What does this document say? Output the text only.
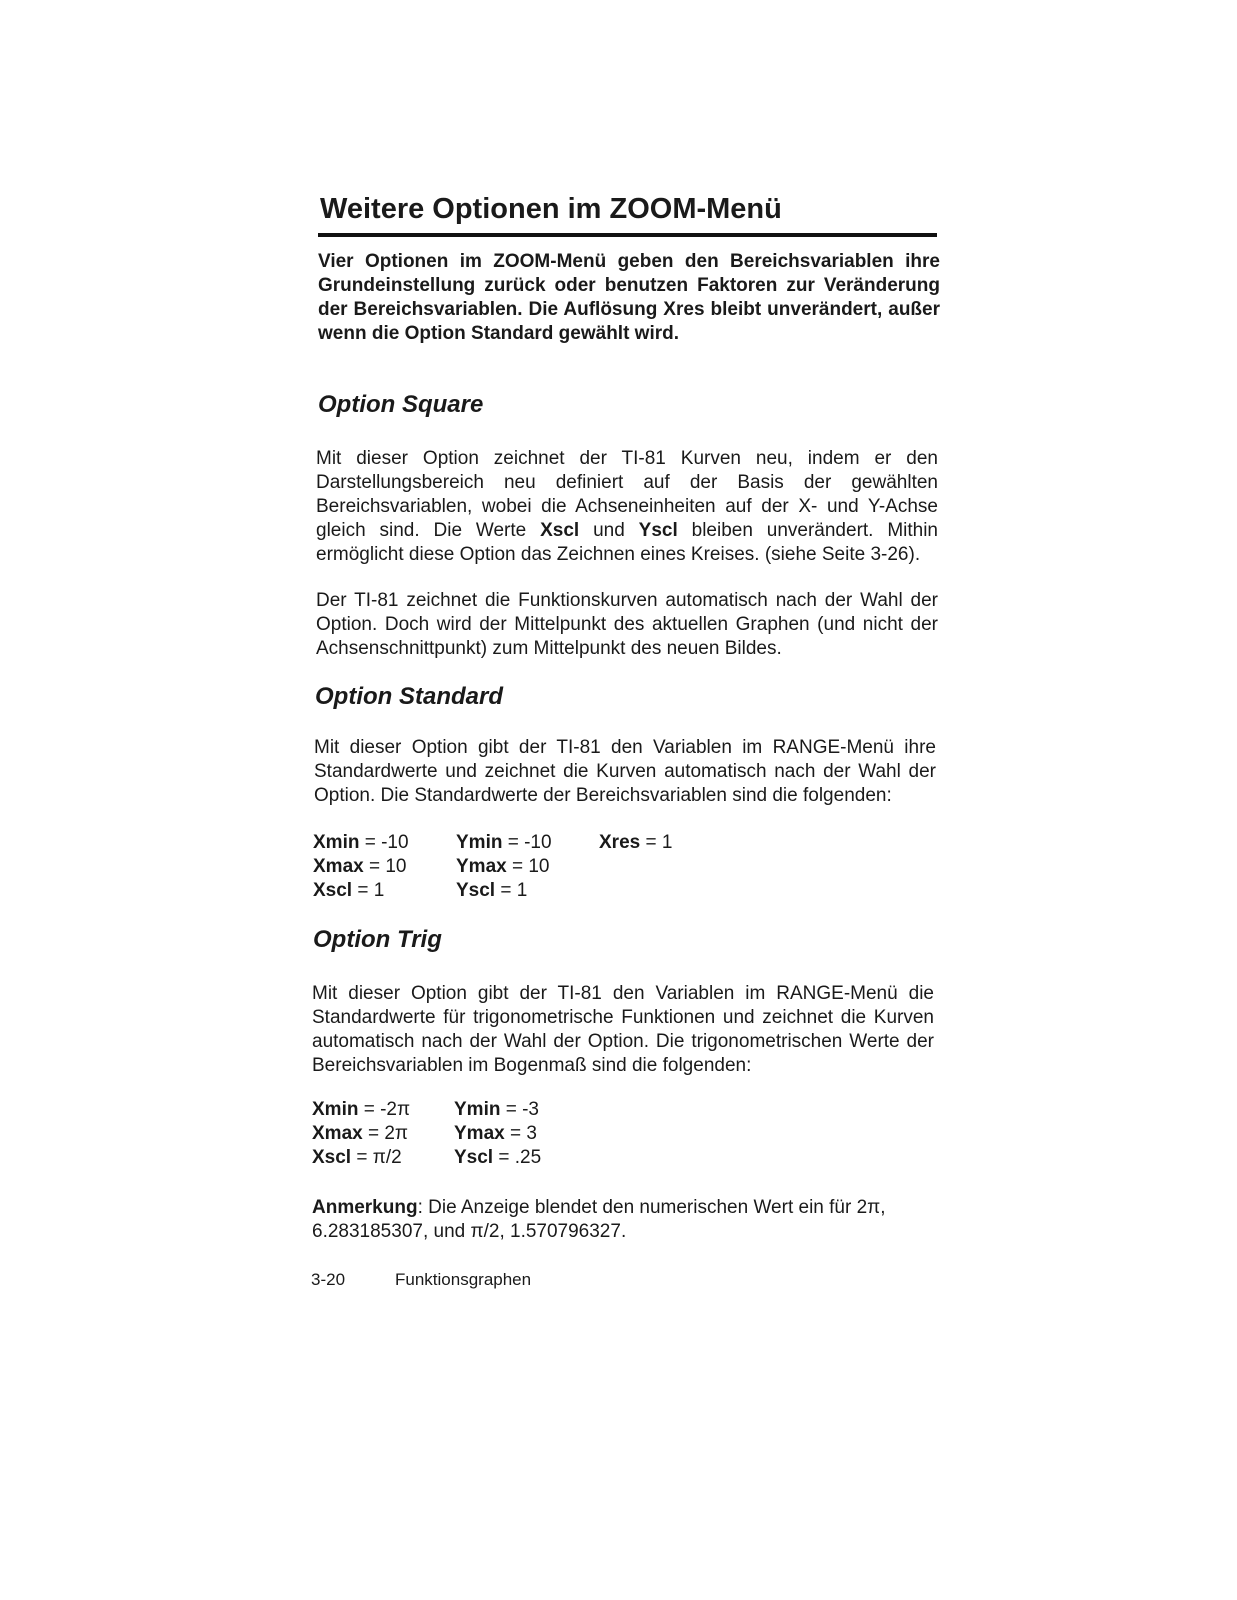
Weitere Optionen im ZOOM-Menü

Vier Optionen im ZOOM-Menü geben den Bereichsvariablen ihre Grundeinstellung zurück oder benutzen Faktoren zur Veränderung der Bereichsvariablen. Die Auflösung Xres bleibt unverändert, außer wenn die Option Standard gewählt wird.

Option Square

Mit dieser Option zeichnet der TI-81 Kurven neu, indem er den Darstellungsbereich neu definiert auf der Basis der gewählten Bereichsvariablen, wobei die Achseneinheiten auf der X- und Y-Achse gleich sind. Die Werte Xscl und Yscl bleiben unverändert. Mithin ermöglicht diese Option das Zeichnen eines Kreises. (siehe Seite 3-26).

Der TI-81 zeichnet die Funktionskurven automatisch nach der Wahl der Option. Doch wird der Mittelpunkt des aktuellen Graphen (und nicht der Achsenschnittpunkt) zum Mittelpunkt des neuen Bildes.

Option Standard

Mit dieser Option gibt der TI-81 den Variablen im RANGE-Menü ihre Standardwerte und zeichnet die Kurven automatisch nach der Wahl der Option. Die Standardwerte der Bereichsvariablen sind die folgenden:

Xmin = -10 Ymin = -10 Xres = 1
Xmax = 10	Ymax = 10
Xscl = 1	Yscl = 1
Option Trig

Mit dieser Option gibt der TI-81 den Variablen im RANGE-Menü die Standardwerte für trigonometrische Funktionen und zeichnet die Kurven automatisch nach der Wahl der Option. Die trigonometrischen Werte der Bereichsvariablen im Bogenmaß sind die folgenden:

Xmin = -2π Ymin = -3
Xmax = 2π Ymax = 3
Xscl = π/2	Yscl = .25

Anmerkung: Die Anzeige blendet den numerischen Wert ein für 2π, 6.283185307, und π/2, 1.570796327.

3-20	Funktionsgraphen
